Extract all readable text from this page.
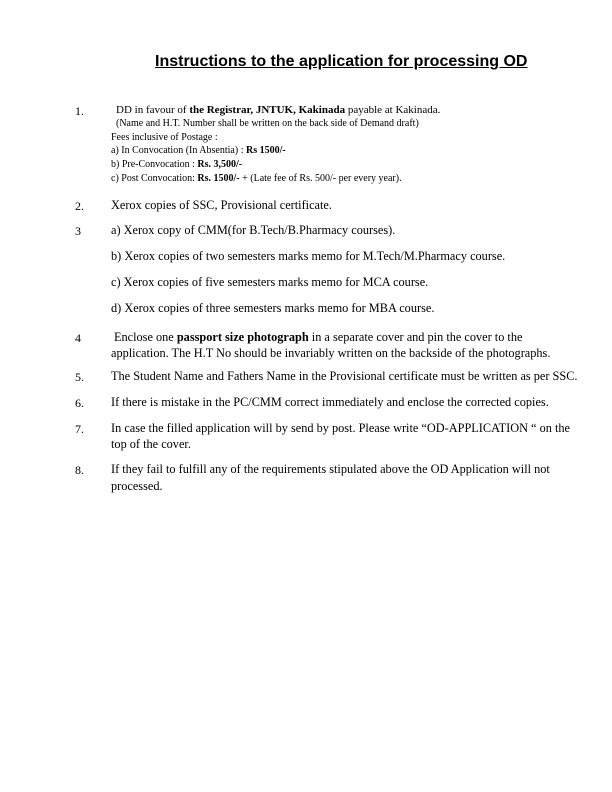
Instructions to the application for processing OD
1.	DD in favour of the Registrar, JNTUK, Kakinada payable at Kakinada.
(Name and H.T. Number shall be written on the back side of Demand draft)
Fees inclusive of Postage :
a) In Convocation (In Absentia) : Rs 1500/-
b) Pre-Convocation : Rs. 3,500/-
c) Post Convocation: Rs. 1500/- + (Late fee of Rs. 500/- per every year).
2. Xerox copies of SSC, Provisional certificate.
3 a) Xerox copy of CMM(for B.Tech/B.Pharmacy courses).
b) Xerox copies of two semesters marks memo for M.Tech/M.Pharmacy course.
c) Xerox copies of five semesters marks memo for MCA course.
d) Xerox copies of three semesters marks memo for MBA course.
4	Enclose one passport size photograph in a separate cover and pin the cover to the
application. The H.T No should be invariably written on the backside of the photographs.
5. The Student Name and Fathers Name in the Provisional certificate must be written as per SSC.
6. If there is mistake in the PC/CMM correct immediately and enclose the corrected copies.
7. In case the filled application will by send by post. Please write “OD-APPLICATION “ on the
top of the cover.
8. If they fail to fulfill any of the requirements stipulated above the OD Application will not
processed.
